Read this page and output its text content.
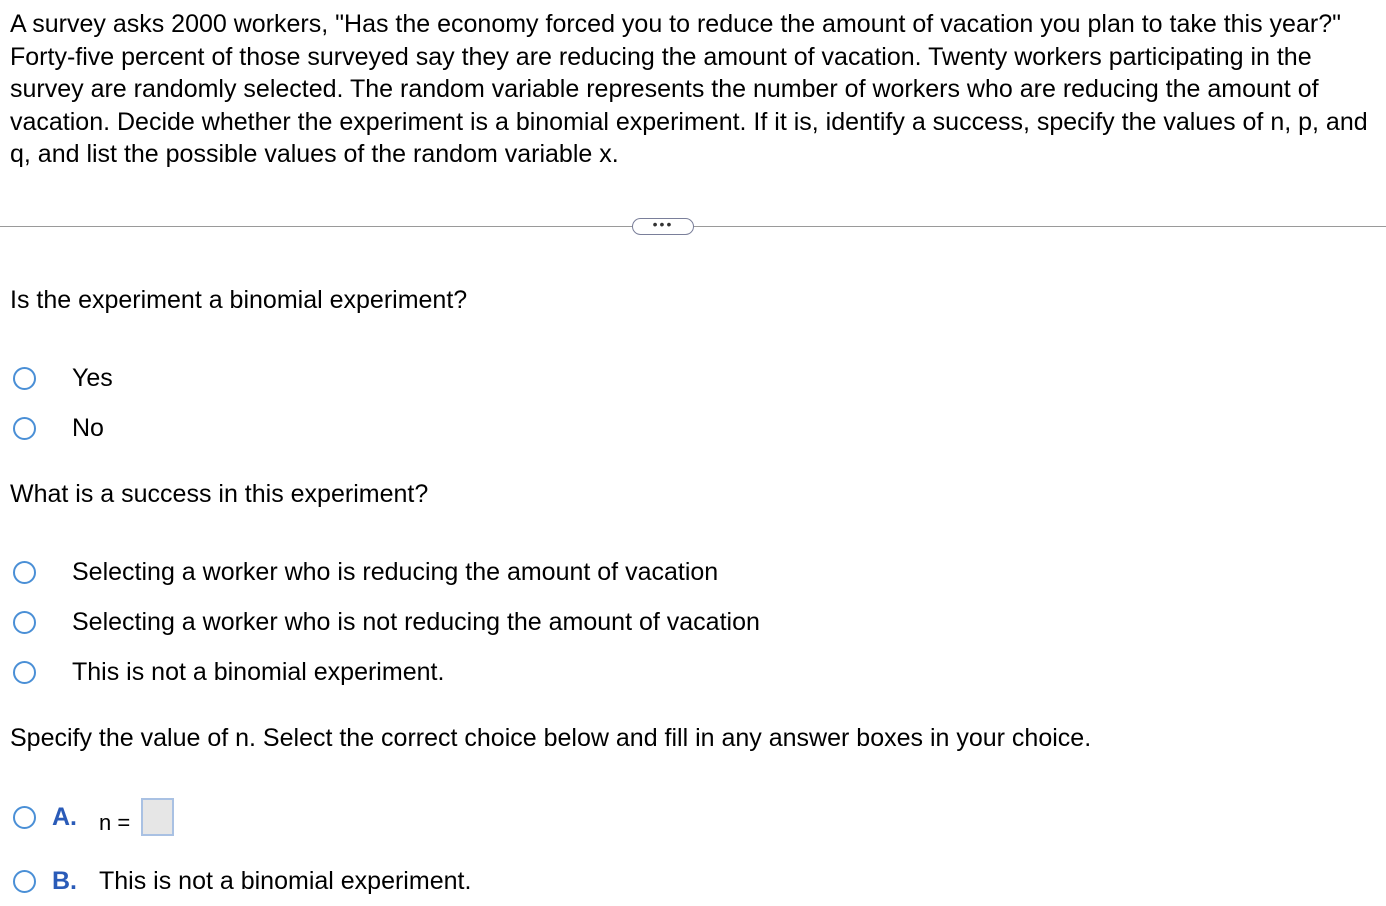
A survey asks 2000 workers, "Has the economy forced you to reduce the amount of vacation you plan to take this year?" Forty-five percent of those surveyed say they are reducing the amount of vacation. Twenty workers participating in the survey are randomly selected. The random variable represents the number of workers who are reducing the amount of vacation. Decide whether the experiment is a binomial experiment. If it is, identify a success, specify the values of n, p, and q, and list the possible values of the random variable x.

•••

Is the experiment a binomial experiment?

Yes
No

What is a success in this experiment?

Selecting a worker who is reducing the amount of vacation
Selecting a worker who is not reducing the amount of vacation
This is not a binomial experiment.

Specify the value of n. Select the correct choice below and fill in any answer boxes in your choice.

A. n =
B. This is not a binomial experiment.
